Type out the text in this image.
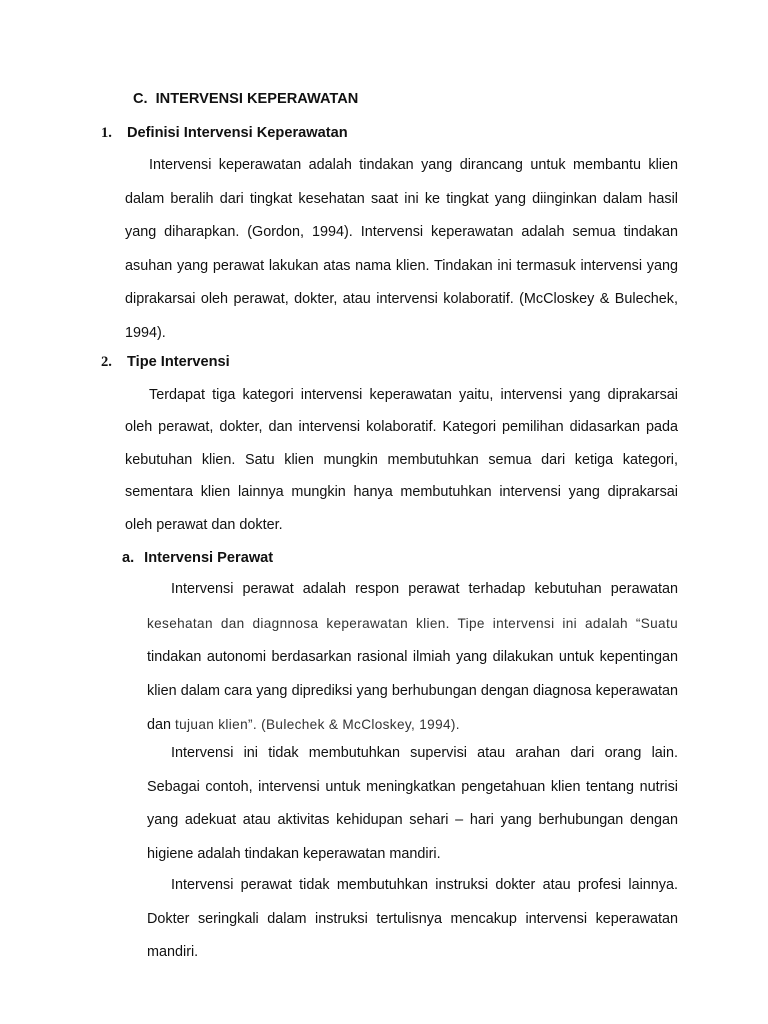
C. INTERVENSI KEPERAWATAN
1. Definisi Intervensi Keperawatan

Intervensi keperawatan adalah tindakan yang dirancang untuk membantu klien dalam beralih dari tingkat kesehatan saat ini ke tingkat yang diinginkan dalam hasil yang diharapkan. (Gordon, 1994). Intervensi keperawatan adalah semua tindakan asuhan yang perawat lakukan atas nama klien. Tindakan ini termasuk intervensi yang diprakarsai oleh perawat, dokter, atau intervensi kolaboratif. (McCloskey & Bulechek, 1994).

2. Tipe Intervensi

Terdapat tiga kategori intervensi keperawatan yaitu, intervensi yang diprakarsai oleh perawat, dokter, dan intervensi kolaboratif. Kategori pemilihan didasarkan pada kebutuhan klien. Satu klien mungkin membutuhkan semua dari ketiga kategori, sementara klien lainnya mungkin hanya membutuhkan intervensi yang diprakarsai oleh perawat dan dokter.

a. Intervensi Perawat

Intervensi perawat adalah respon perawat terhadap kebutuhan perawatan kesehatan dan diagnnosa keperawatan klien. Tipe intervensi ini adalah “Suatu tindakan autonomi berdasarkan rasional ilmiah yang dilakukan untuk kepentingan klien dalam cara yang diprediksi yang berhubungan dengan diagnosa keperawatan dan tujuan klien”. (Bulechek & McCloskey, 1994).

Intervensi ini tidak membutuhkan supervisi atau arahan dari orang lain. Sebagai contoh, intervensi untuk meningkatkan pengetahuan klien tentang nutrisi yang adekuat atau aktivitas kehidupan sehari – hari yang berhubungan dengan higiene adalah tindakan keperawatan mandiri.

Intervensi perawat tidak membutuhkan instruksi dokter atau profesi lainnya. Dokter seringkali dalam instruksi tertulisnya mencakup intervensi keperawatan mandiri.
